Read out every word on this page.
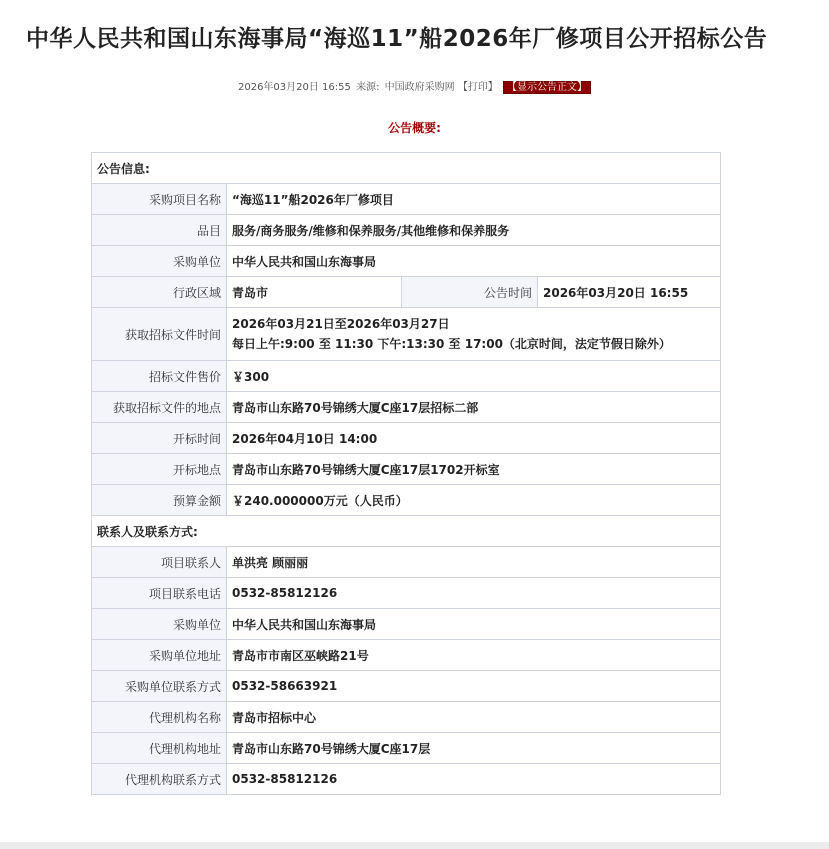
中华人民共和国山东海事局“海巡11”船2026年厂修项目公开招标公告
2026年03月20日 16:55 来源: 中国政府采购网 【打印】 【显示公告正文】
公告概要:
公告信息:			
采购项目名称	“海巡11”船2026年厂修项目		
品目	服务/商务服务/维修和保养服务/其他维修和保养服务		
采购单位	中华人民共和国山东海事局		
行政区域	青岛市	公告时间	2026年03月20日 16:55
获取招标文件时间	2026年03月21日至2026年03月27日
每日上午:9:00 至 11:30 下午:13:30 至 17:00（北京时间，法定节假日除外）		

招标文件售价	￥300		
获取招标文件的地点	青岛市山东路70号锦绣大厦C座17层招标二部		
开标时间	2026年04月10日 14:00		
开标地点	青岛市山东路70号锦绣大厦C座17层1702开标室		
预算金额	￥240.000000万元（人民币）		
联系人及联系方式:			
项目联系人	单洪亮 顾丽丽		
项目联系电话	0532-85812126		
采购单位	中华人民共和国山东海事局		
采购单位地址	青岛市市南区巫峡路21号		
采购单位联系方式	0532-58663921		
代理机构名称	青岛市招标中心		
代理机构地址	青岛市山东路70号锦绣大厦C座17层		
代理机构联系方式	0532-85812126		
